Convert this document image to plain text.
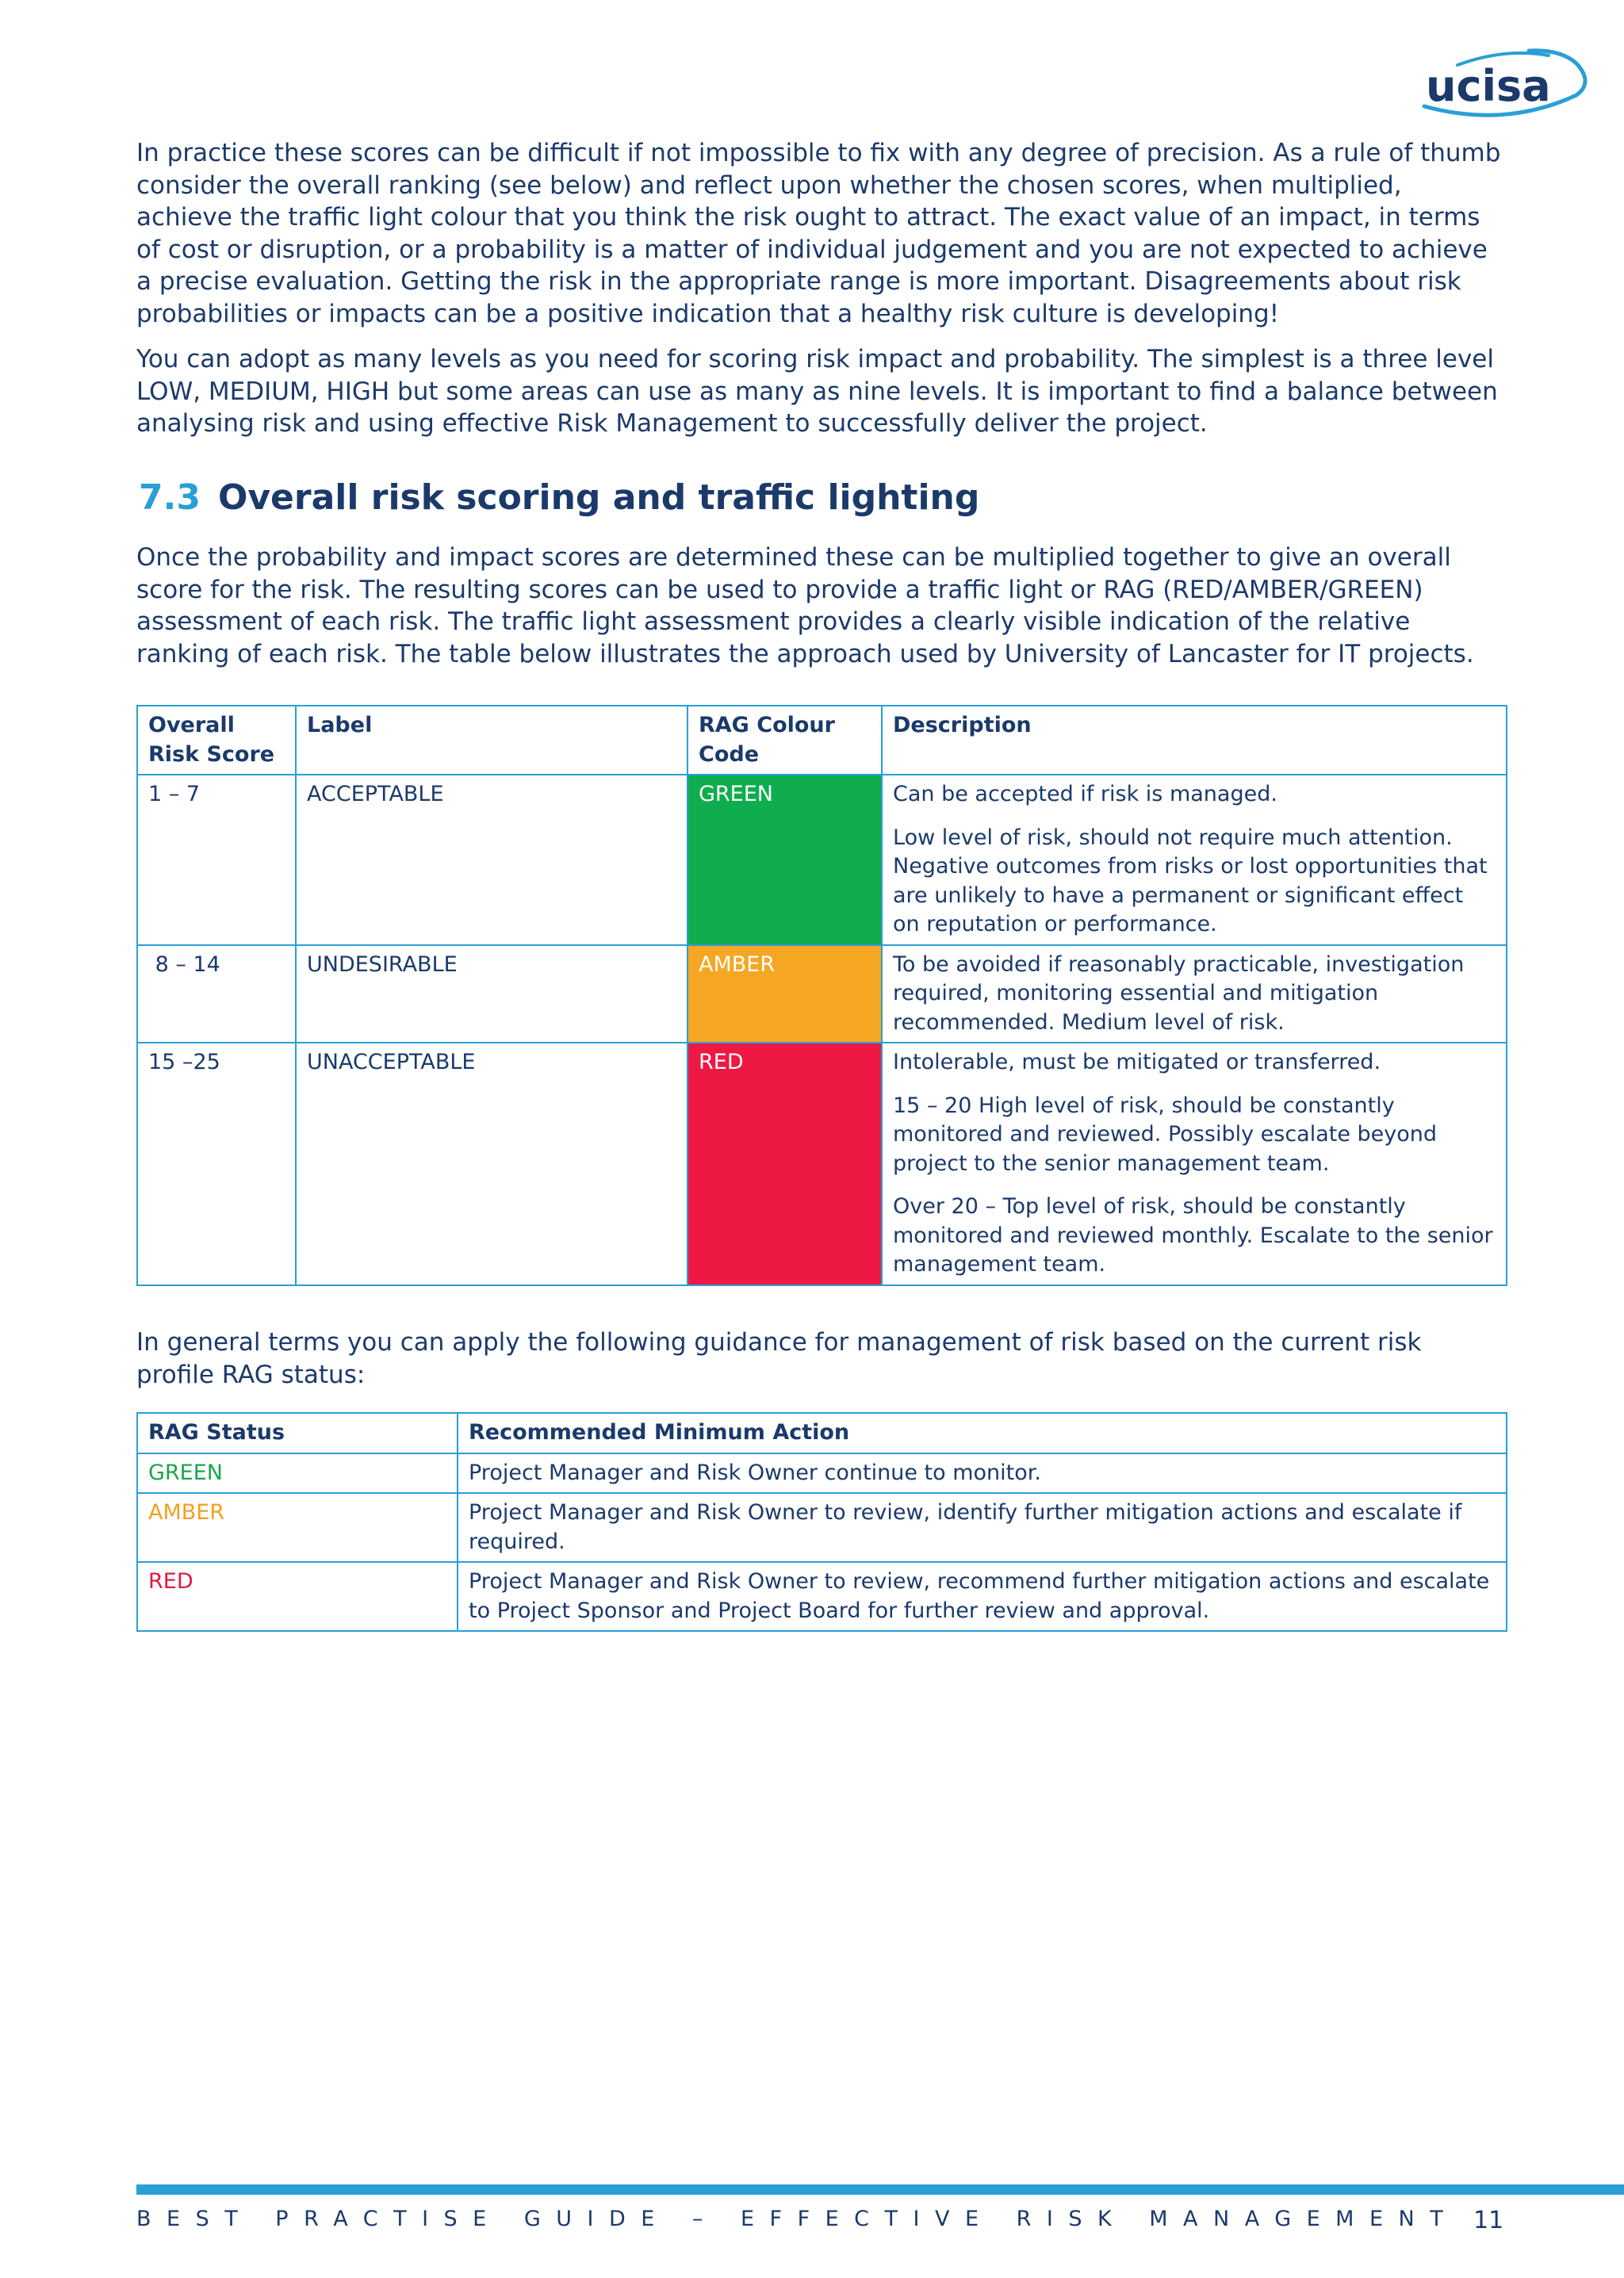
ucisa

In practice these scores can be difficult if not impossible to fix with any degree of precision. As a rule of thumb consider the overall ranking (see below) and reflect upon whether the chosen scores, when multiplied, achieve the traffic light colour that you think the risk ought to attract. The exact value of an impact, in terms of cost or disruption, or a probability is a matter of individual judgement and you are not expected to achieve a precise evaluation. Getting the risk in the appropriate range is more important. Disagreements about risk probabilities or impacts can be a positive indication that a healthy risk culture is developing!

You can adopt as many levels as you need for scoring risk impact and probability. The simplest is a three level LOW, MEDIUM, HIGH but some areas can use as many as nine levels. It is important to find a balance between analysing risk and using effective Risk Management to successfully deliver the project.

7.3 Overall risk scoring and traffic lighting

Once the probability and impact scores are determined these can be multiplied together to give an overall score for the risk. The resulting scores can be used to provide a traffic light or RAG (RED/AMBER/GREEN) assessment of each risk. The traffic light assessment provides a clearly visible indication of the relative ranking of each risk. The table below illustrates the approach used by University of Lancaster for IT projects.

Overall Risk Score	Label	RAG Colour Code	Description
1 – 7	ACCEPTABLE	GREEN	Can be accepted if risk is managed.

Low level of risk, should not require much attention. Negative outcomes from risks or lost opportunities that are unlikely to have a permanent or significant effect on reputation or performance.

8 – 14	UNDESIRABLE	AMBER	To be avoided if reasonably practicable, investigation required, monitoring essential and mitigation recommended. Medium level of risk.

15 –25	UNACCEPTABLE	RED	Intolerable, must be mitigated or transferred.

15 – 20 High level of risk, should be constantly monitored and reviewed. Possibly escalate beyond project to the senior management team.

Over 20 – Top level of risk, should be constantly monitored and reviewed monthly. Escalate to the senior management team.

In general terms you can apply the following guidance for management of risk based on the current risk profile RAG status:

RAG Status	Recommended Minimum Action
GREEN	Project Manager and Risk Owner continue to monitor.
AMBER	Project Manager and Risk Owner to review, identify further mitigation actions and escalate if required.
RED	Project Manager and Risk Owner to review, recommend further mitigation actions and escalate to Project Sponsor and Project Board for further review and approval.
BEST PRACTISE GUIDE – EFFECTIVE RISK MANAGEMENT 11
